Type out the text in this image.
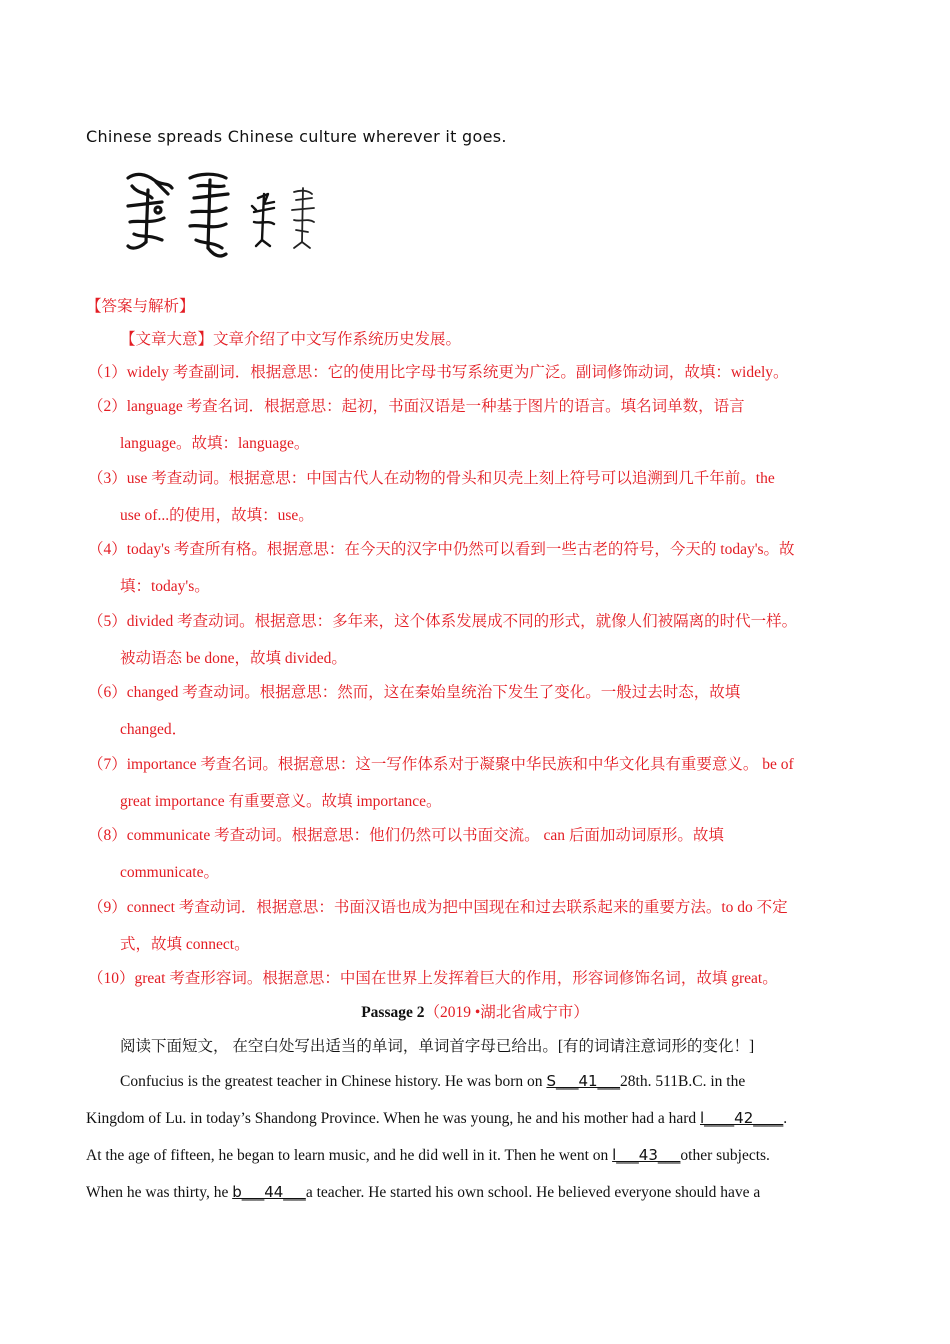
Chinese spreads Chinese culture wherever it goes.
【答案与解析】
【文章大意】文章介绍了中文写作系统历史发展。
（1）widely 考查副词．根据意思：它的使用比字母书写系统更为广泛。副词修饰动词，故填：widely。
（2）language 考查名词．根据意思：起初，书面汉语是一种基于图片的语言。填名词单数，语言
language。故填：language。
（3）use 考查动词。根据意思：中国古代人在动物的骨头和贝壳上刻上符号可以追溯到几千年前。the
use of...的使用，故填：use。
（4）today's 考查所有格。根据意思：在今天的汉字中仍然可以看到一些古老的符号，今天的 today's。故
填：today's。
（5）divided 考查动词。根据意思：多年来，这个体系发展成不同的形式，就像人们被隔离的时代一样。
被动语态 be done，故填 divided。
（6）changed 考查动词。根据意思：然而，这在秦始皇统治下发生了变化。一般过去时态，故填
changed．
（7）importance 考查名词。根据意思：这一写作体系对于凝聚中华民族和中华文化具有重要意义。 be of
great importance 有重要意义。故填 importance。
（8）communicate 考查动词。根据意思：他们仍然可以书面交流。 can 后面加动词原形。故填
communicate。
（9）connect 考查动词．根据意思：书面汉语也成为把中国现在和过去联系起来的重要方法。to do 不定
式，故填 connect。
（10）great 考查形容词。根据意思：中国在世界上发挥着巨大的作用，形容词修饰名词，故填 great。
Passage 2（2019 •湖北省咸宁市）
阅读下面短文， 在空白处写出适当的单词，单词首字母已给出。[有的词请注意词形的变化！]
Confucius is the greatest teacher in Chinese history. He was born on S___41___28th. 511B.C. in the
Kingdom of Lu. in today’s Shandong Province. When he was young, he and his mother had a hard l____42____.
At the age of fifteen, he began to learn music, and he did well in it. Then he went on l___43___other subjects.
When he was thirty, he b___44___a teacher. He started his own school. He believed everyone should have a
